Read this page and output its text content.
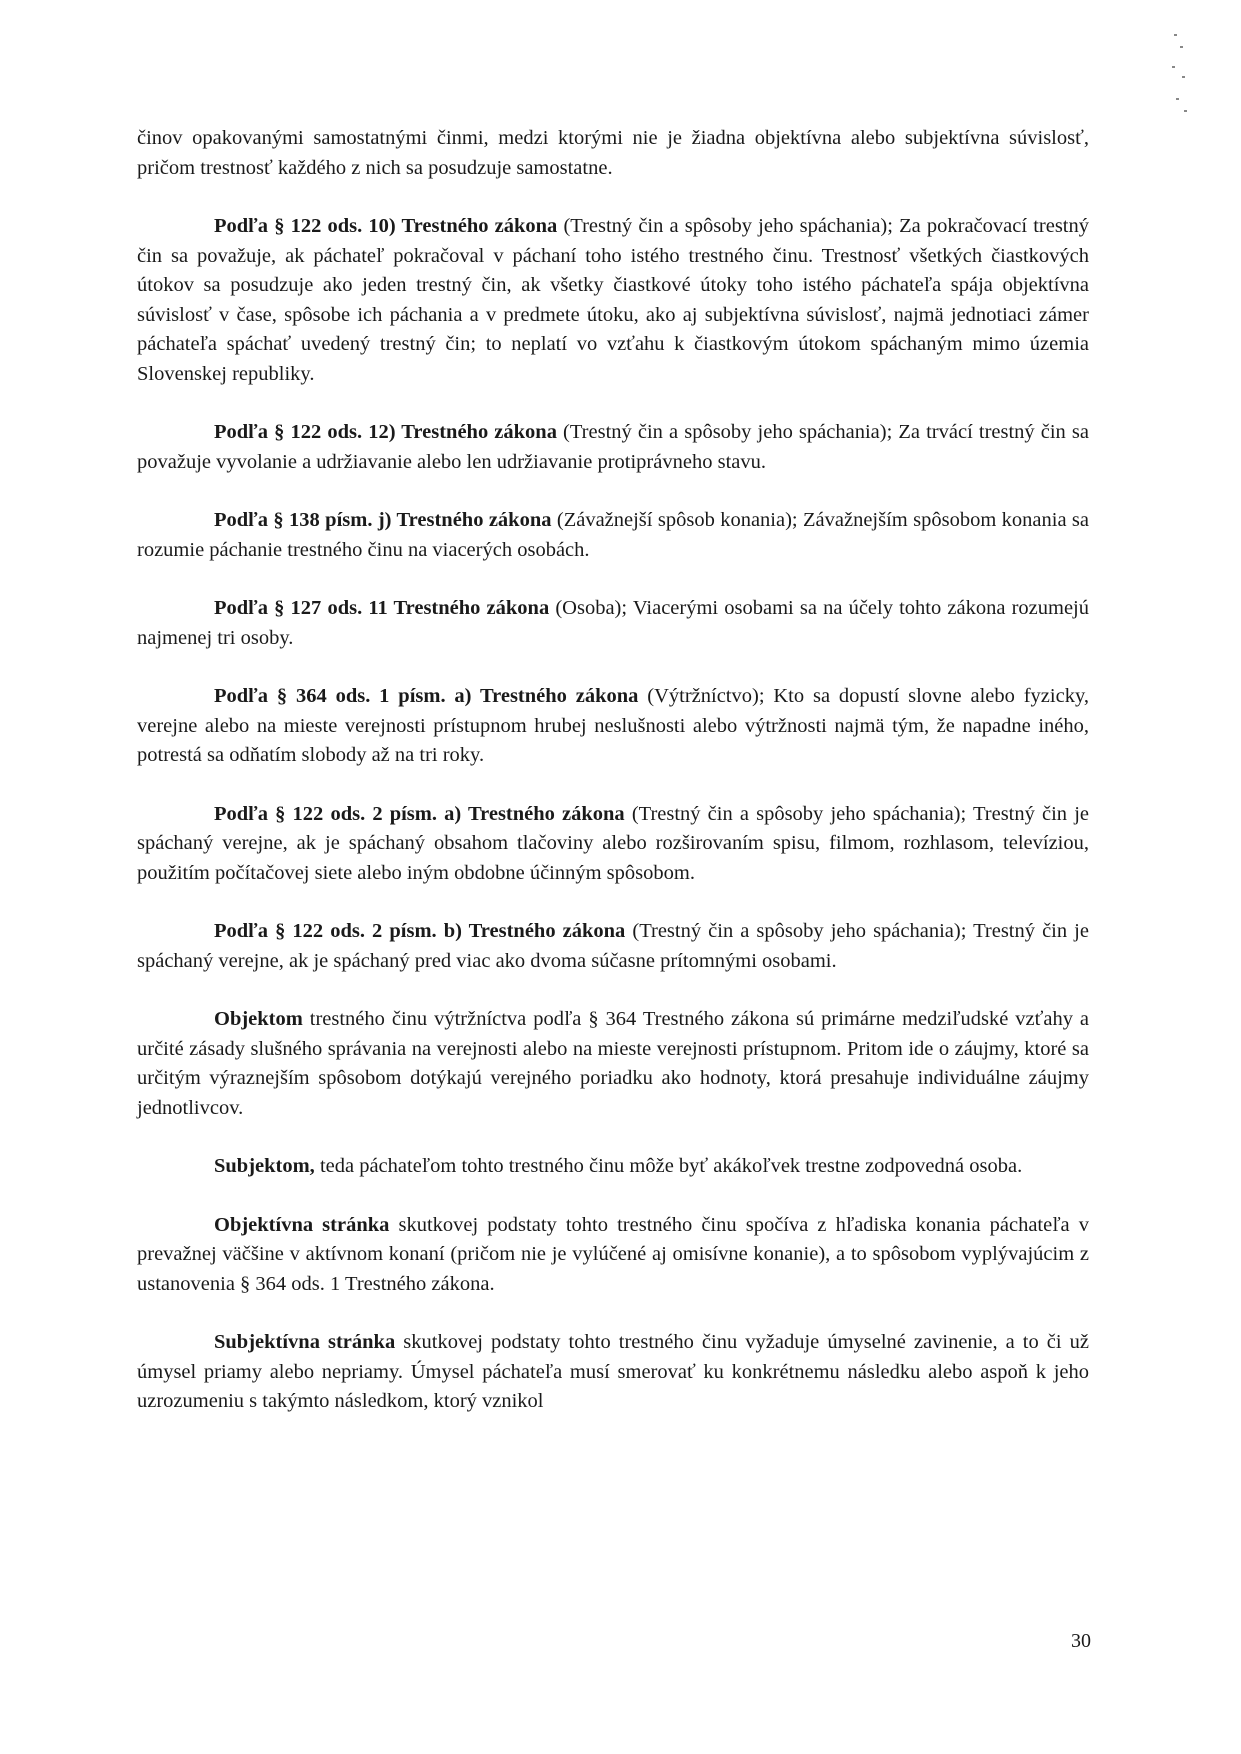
činov opakovanými samostatnými činmi, medzi ktorými nie je žiadna objektívna alebo subjektívna súvislosť, pričom trestnosť každého z nich sa posudzuje samostatne.

Podľa § 122 ods. 10) Trestného zákona (Trestný čin a spôsoby jeho spáchania); Za pokračovací trestný čin sa považuje, ak páchateľ pokračoval v páchaní toho istého trestného činu. Trestnosť všetkých čiastkových útokov sa posudzuje ako jeden trestný čin, ak všetky čiastkové útoky toho istého páchateľa spája objektívna súvislosť v čase, spôsobe ich páchania a v predmete útoku, ako aj subjektívna súvislosť, najmä jednotiaci zámer páchateľa spáchať uvedený trestný čin; to neplatí vo vzťahu k čiastkovým útokom spáchaným mimo územia Slovenskej republiky.

Podľa § 122 ods. 12) Trestného zákona (Trestný čin a spôsoby jeho spáchania); Za trvácí trestný čin sa považuje vyvolanie a udržiavanie alebo len udržiavanie protiprávneho stavu.

Podľa § 138 písm. j) Trestného zákona (Závažnejší spôsob konania); Závažnejším spôsobom konania sa rozumie páchanie trestného činu na viacerých osobách.

Podľa § 127 ods. 11 Trestného zákona (Osoba); Viacerými osobami sa na účely tohto zákona rozumejú najmenej tri osoby.

Podľa § 364 ods. 1 písm. a) Trestného zákona (Výtržníctvo); Kto sa dopustí slovne alebo fyzicky, verejne alebo na mieste verejnosti prístupnom hrubej neslušnosti alebo výtržnosti najmä tým, že napadne iného, potrestá sa odňatím slobody až na tri roky.

Podľa § 122 ods. 2 písm. a) Trestného zákona (Trestný čin a spôsoby jeho spáchania); Trestný čin je spáchaný verejne, ak je spáchaný obsahom tlačoviny alebo rozširovaním spisu, filmom, rozhlasom, televíziou, použitím počítačovej siete alebo iným obdobne účinným spôsobom.

Podľa § 122 ods. 2 písm. b) Trestného zákona (Trestný čin a spôsoby jeho spáchania); Trestný čin je spáchaný verejne, ak je spáchaný pred viac ako dvoma súčasne prítomnými osobami.

Objektom trestného činu výtržníctva podľa § 364 Trestného zákona sú primárne medziľudské vzťahy a určité zásady slušného správania na verejnosti alebo na mieste verejnosti prístupnom. Pritom ide o záujmy, ktoré sa určitým výraznejším spôsobom dotýkajú verejného poriadku ako hodnoty, ktorá presahuje individuálne záujmy jednotlivcov.

Subjektom, teda páchateľom tohto trestného činu môže byť akákoľvek trestne zodpovedná osoba.

Objektívna stránka skutkovej podstaty tohto trestného činu spočíva z hľadiska konania páchateľa v prevažnej väčšine v aktívnom konaní (pričom nie je vylúčené aj omisívne konanie), a to spôsobom vyplývajúcim z ustanovenia § 364 ods. 1 Trestného zákona.

Subjektívna stránka skutkovej podstaty tohto trestného činu vyžaduje úmyselné zavinenie, a to či už úmysel priamy alebo nepriamy. Úmysel páchateľa musí smerovať ku konkrétnemu následku alebo aspoň k jeho uzrozumeniu s takýmto následkom, ktorý vznikol

30
